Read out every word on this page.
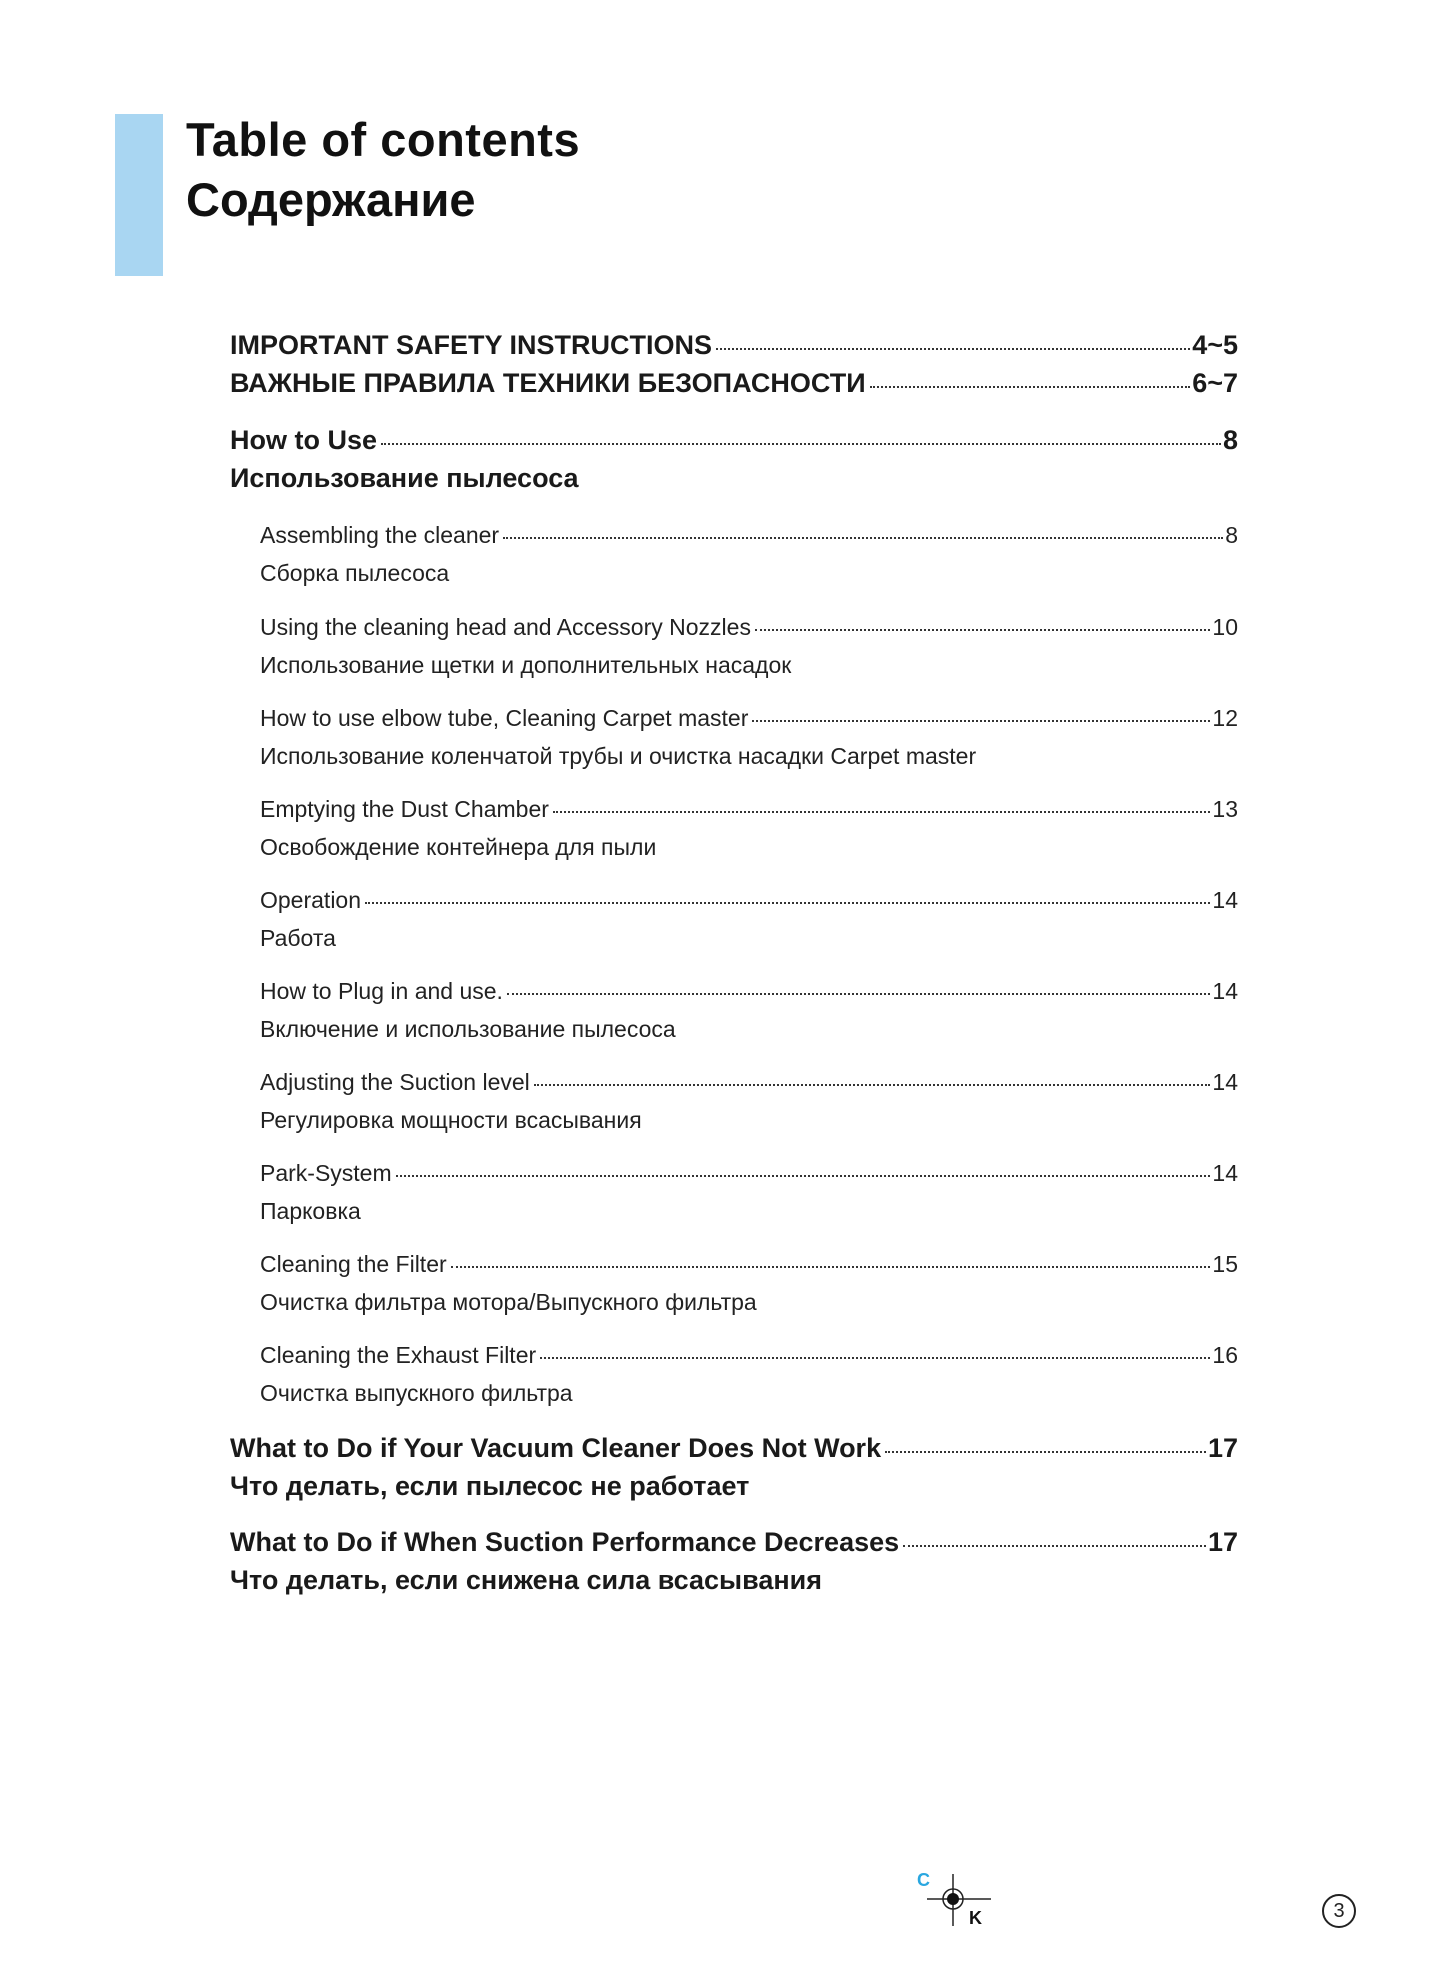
Table of contents
Содержание
IMPORTANT SAFETY INSTRUCTIONS	4~5
ВАЖНЫЕ ПРАВИЛА ТЕХНИКИ БЕЗОПАСНОСТИ	6~7
How to Use	8
Использование пылесоса
Assembling the cleaner	8
Сборка пылесоса
Using the cleaning head and Accessory Nozzles	10
Использование щетки и дополнительных насадок
How to use elbow tube, Cleaning Carpet master	12
Использование коленчатой трубы и очистка насадки Carpet master
Emptying the Dust Chamber	13
Освобождение контейнера для пыли
Operation	14
Работа
How to Plug in and use.	14
Включение и использование пылесоса
Adjusting the Suction level	14
Регулировка мощности всасывания
Park-System	14
Парковка
Cleaning the Filter	15
Очистка фильтра мотора/Выпускного фильтра
Cleaning the Exhaust Filter	16
Очистка выпускного фильтра
What to Do if Your Vacuum Cleaner Does Not Work	17
Что делать, если пылесос не работает
What to Do if When Suction Performance Decreases	17
Что делать, если снижена сила всасывания
C
K	3
